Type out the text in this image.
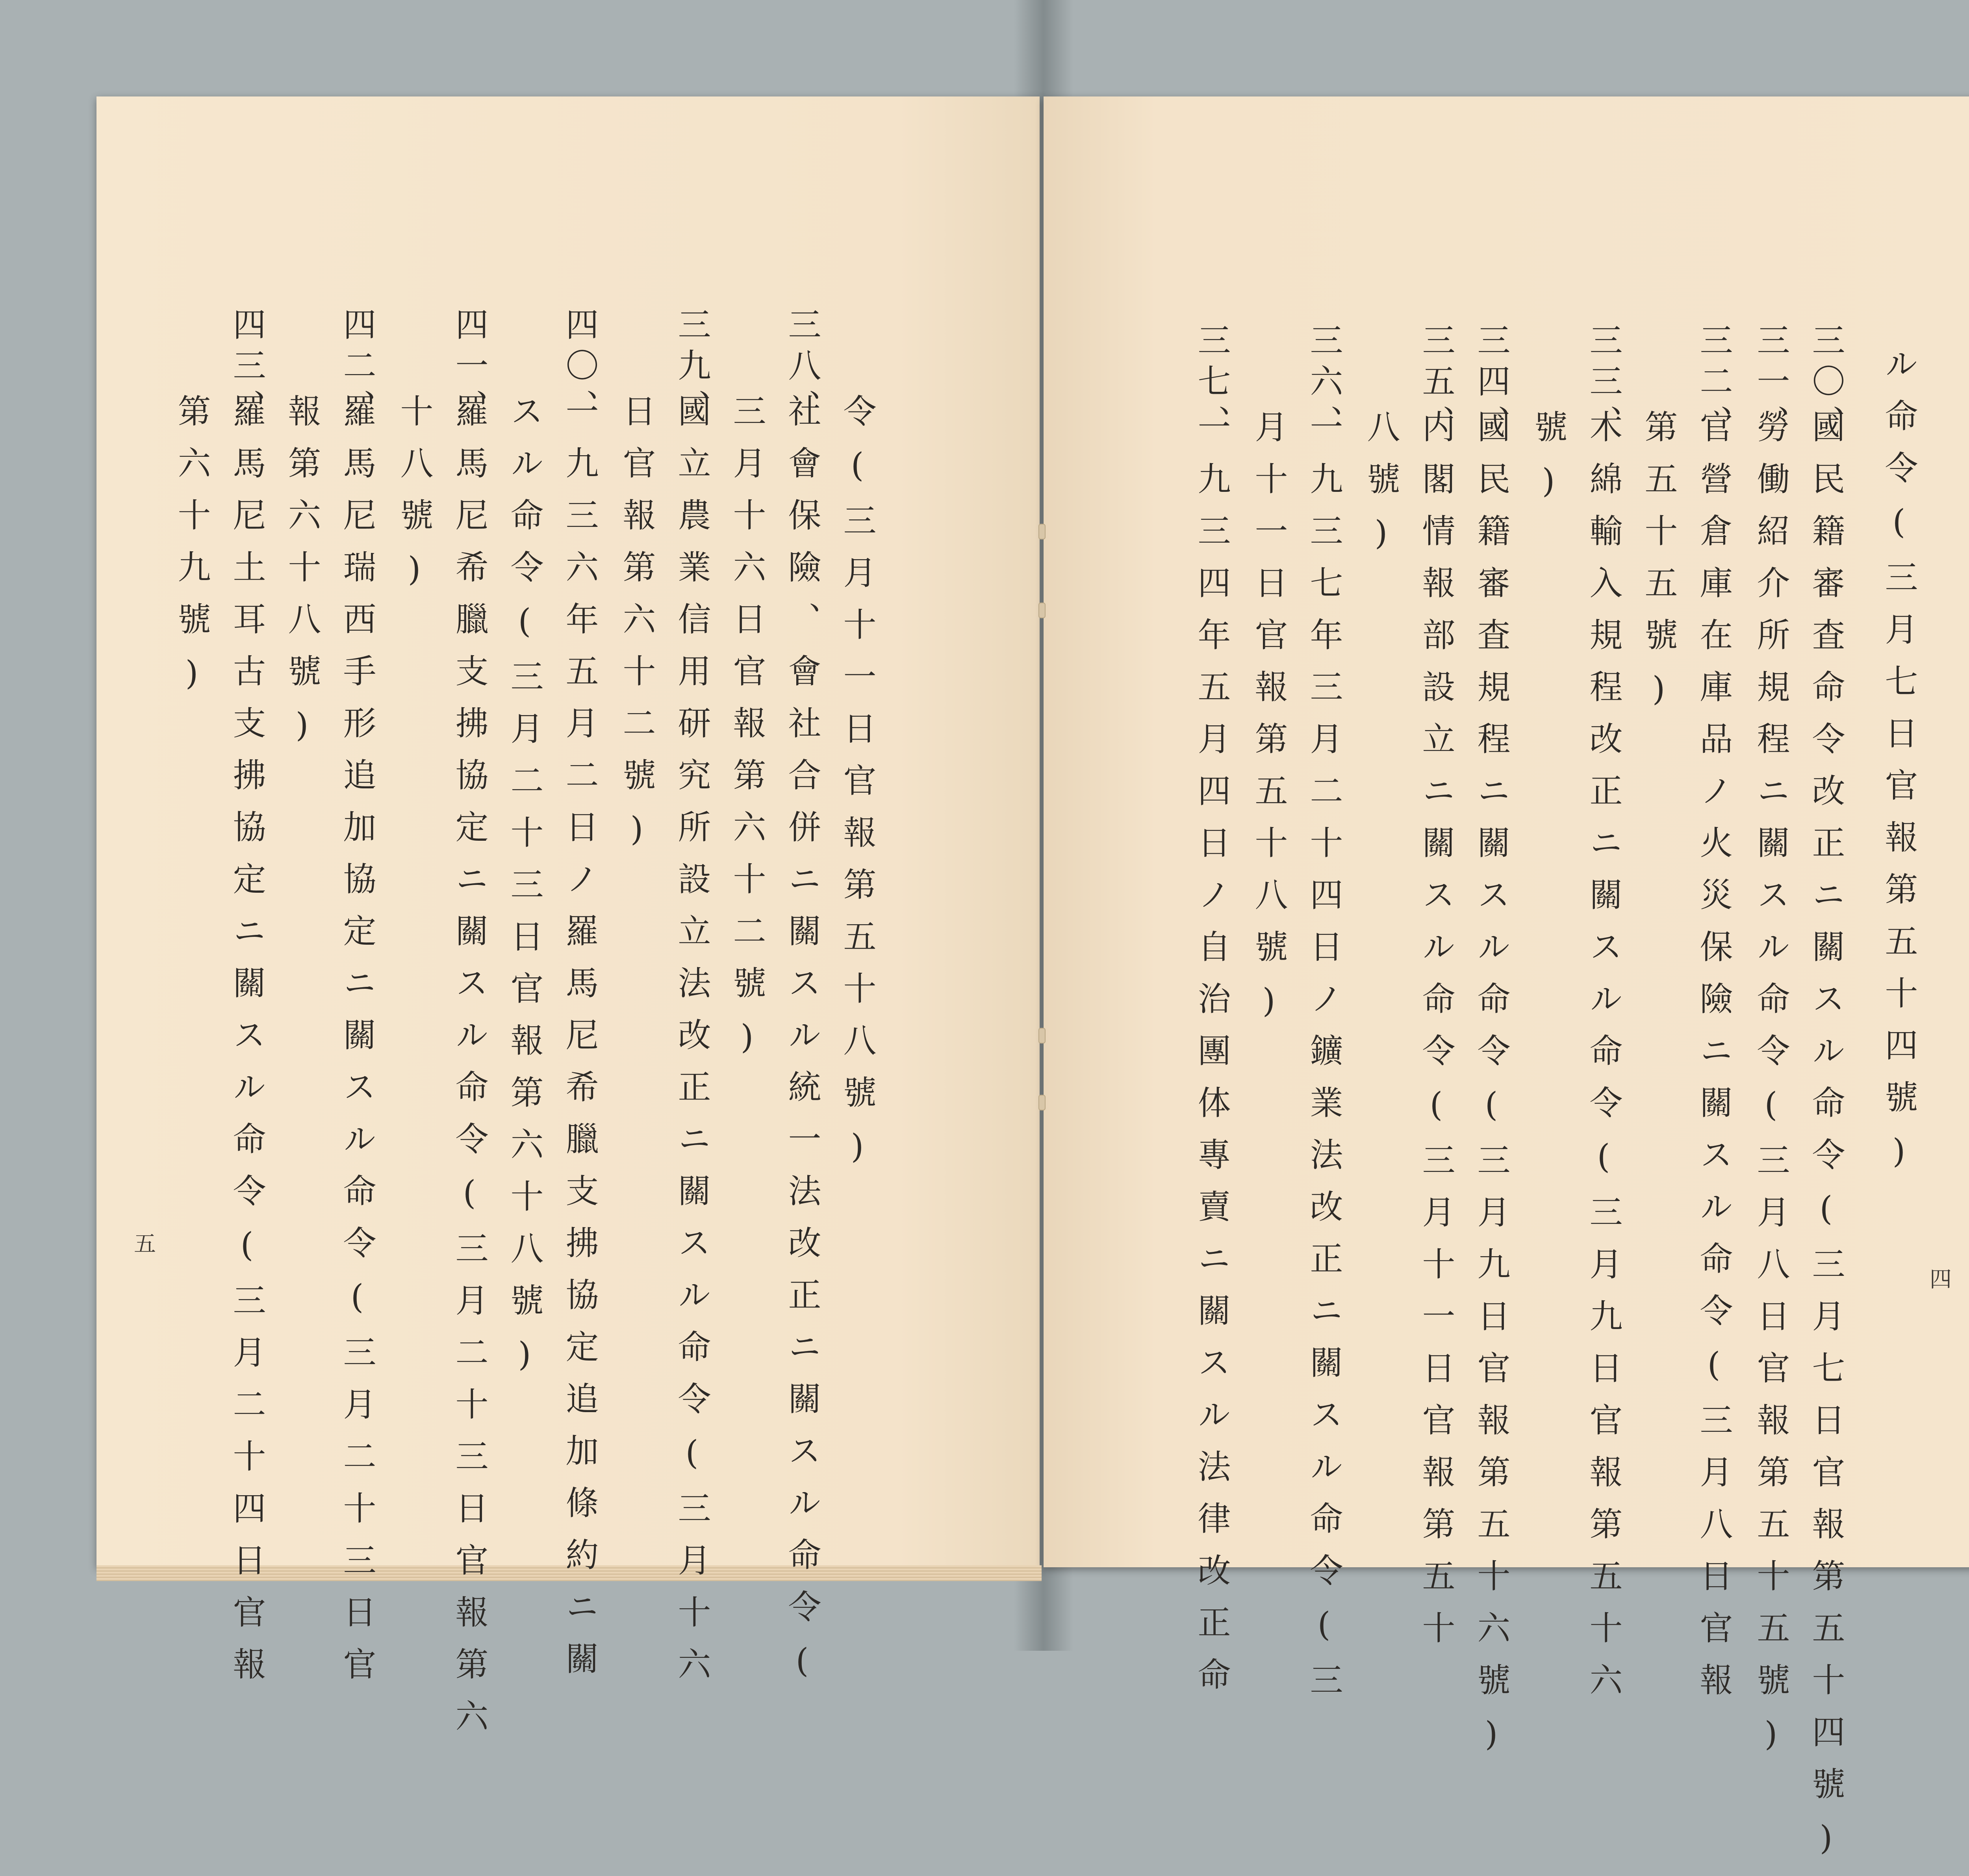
五
四
ル命令(三月七日官報第五十四號)
三〇、
國民籍審査命令改正ニ關スル命令(三月七日官報第五十四號)
三一、
勞働紹介所規程ニ關スル命令(三月八日官報第五十五號)
三二、
官營倉庫在庫品ノ火災保險ニ關スル命令(三月八日官報
第五十五號)
三三、
木綿輸入規程改正ニ關スル命令(三月九日官報第五十六
號)
三四、
國民籍審査規程ニ關スル命令(三月九日官報第五十六號)
三五、
内閣情報部設立ニ關スル命令(三月十一日官報第五十
八號)
三六、
一九三七年三月二十四日ノ鑛業法改正ニ關スル命令(三
月十一日官報第五十八號)
三七、
一九三四年五月四日ノ自治團体專賣ニ關スル法律改正命
令(三月十一日官報第五十八號)
三八、
社會保險、會社合併ニ關スル統一法改正ニ關スル命令(
三月十六日官報第六十二號)
三九、
國立農業信用研究所設立法改正ニ關スル命令(三月十六
日官報第六十二號)
四〇、
一九三六年五月二日ノ羅馬尼希臘支拂協定追加條約ニ關
スル命令(三月二十三日官報第六十八號)
四一、
羅馬尼希臘支拂協定ニ關スル命令(三月二十三日官報第六
十八號)
四二、
羅馬尼瑞西手形追加協定ニ關スル命令(三月二十三日官
報第六十八號)
四三、
羅馬尼土耳古支拂協定ニ關スル命令(三月二十四日官報
第六十九號)
